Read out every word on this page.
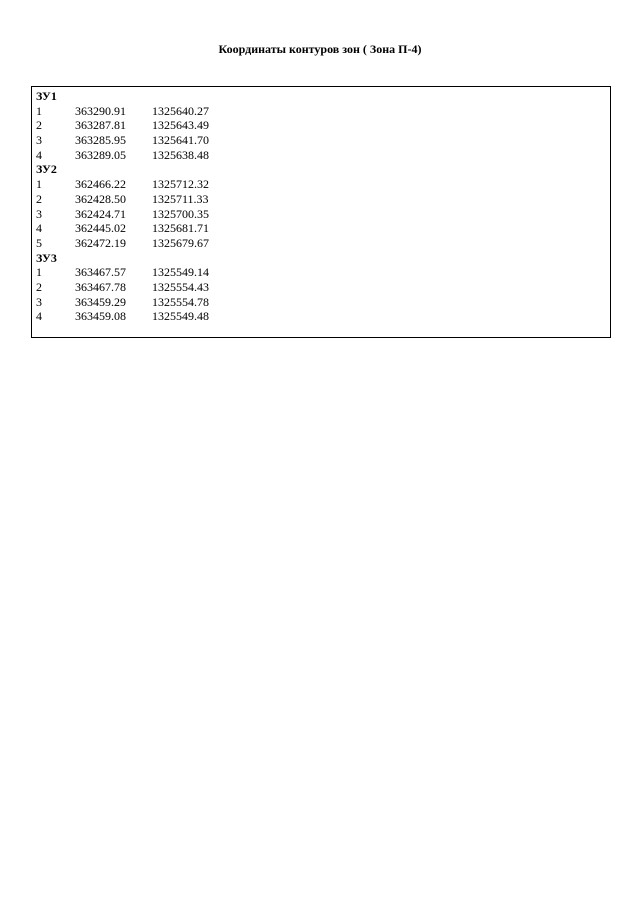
Координаты контуров зон ( Зона П-4)
ЗУ1
1	363290.91 1325640.27
2	363287.81 1325643.49
3	363285.95 1325641.70
4	363289.05 1325638.48
ЗУ2
1	362466.22 1325712.32
2	362428.50 1325711.33
3	362424.71 1325700.35
4	362445.02 1325681.71
5	362472.19 1325679.67
ЗУ3
1	363467.57 1325549.14
2	363467.78 1325554.43
3	363459.29 1325554.78
4	363459.08 1325549.48
